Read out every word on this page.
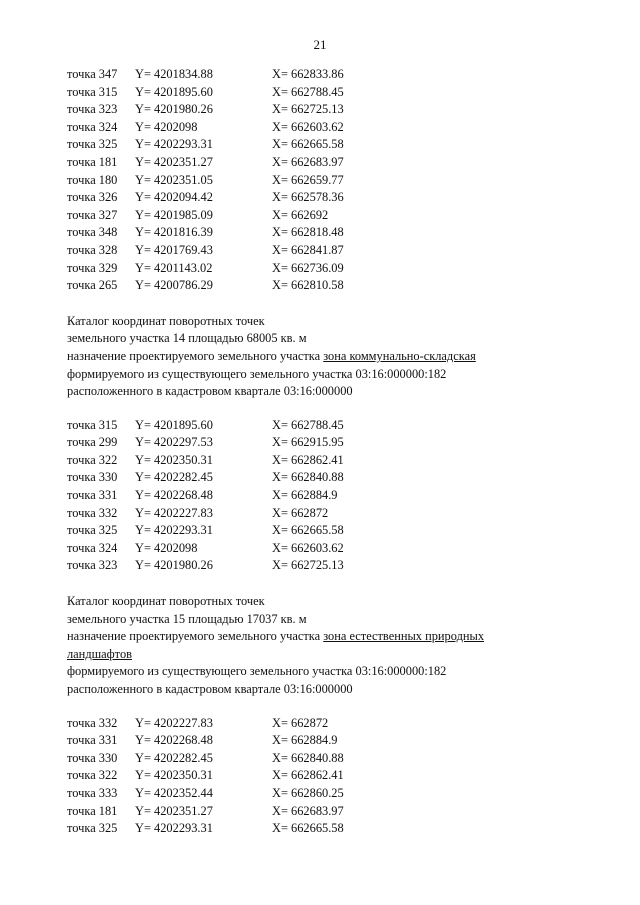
21
точка 347 Y= 4201834.88	X= 662833.86
точка 315 Y= 4201895.60	X= 662788.45
точка 323 Y= 4201980.26	X= 662725.13
точка 324 Y= 4202098	X= 662603.62
точка 325 Y= 4202293.31	X= 662665.58
точка 181 Y= 4202351.27	X= 662683.97
точка 180 Y= 4202351.05	X= 662659.77
точка 326 Y= 4202094.42	X= 662578.36
точка 327 Y= 4201985.09	X= 662692
точка 348 Y= 4201816.39	X= 662818.48
точка 328 Y= 4201769.43	X= 662841.87
точка 329 Y= 4201143.02	X= 662736.09
точка 265 Y= 4200786.29	X= 662810.58

Каталог координат поворотных точек

земельного участка 14 площадью 68005 кв. м

назначение проектируемого земельного участка зона коммунально-складская

формируемого из существующего земельного участка 03:16:000000:182

расположенного в кадастровом квартале 03:16:000000

точка 315 Y= 4201895.60	X= 662788.45
точка 299 Y= 4202297.53	X= 662915.95
точка 322 Y= 4202350.31	X= 662862.41
точка 330 Y= 4202282.45	X= 662840.88
точка 331 Y= 4202268.48	X= 662884.9
точка 332 Y= 4202227.83	X= 662872
точка 325 Y= 4202293.31	X= 662665.58
точка 324 Y= 4202098	X= 662603.62
точка 323 Y= 4201980.26	X= 662725.13

Каталог координат поворотных точек

земельного участка 15 площадью 17037 кв. м

назначение проектируемого земельного участка зона естественных природных ландшафтов

формируемого из существующего земельного участка 03:16:000000:182

расположенного в кадастровом квартале 03:16:000000

точка 332 Y= 4202227.83	X= 662872
точка 331 Y= 4202268.48	X= 662884.9
точка 330 Y= 4202282.45	X= 662840.88
точка 322 Y= 4202350.31	X= 662862.41
точка 333 Y= 4202352.44	X= 662860.25
точка 181 Y= 4202351.27	X= 662683.97
точка 325 Y= 4202293.31	X= 662665.58
